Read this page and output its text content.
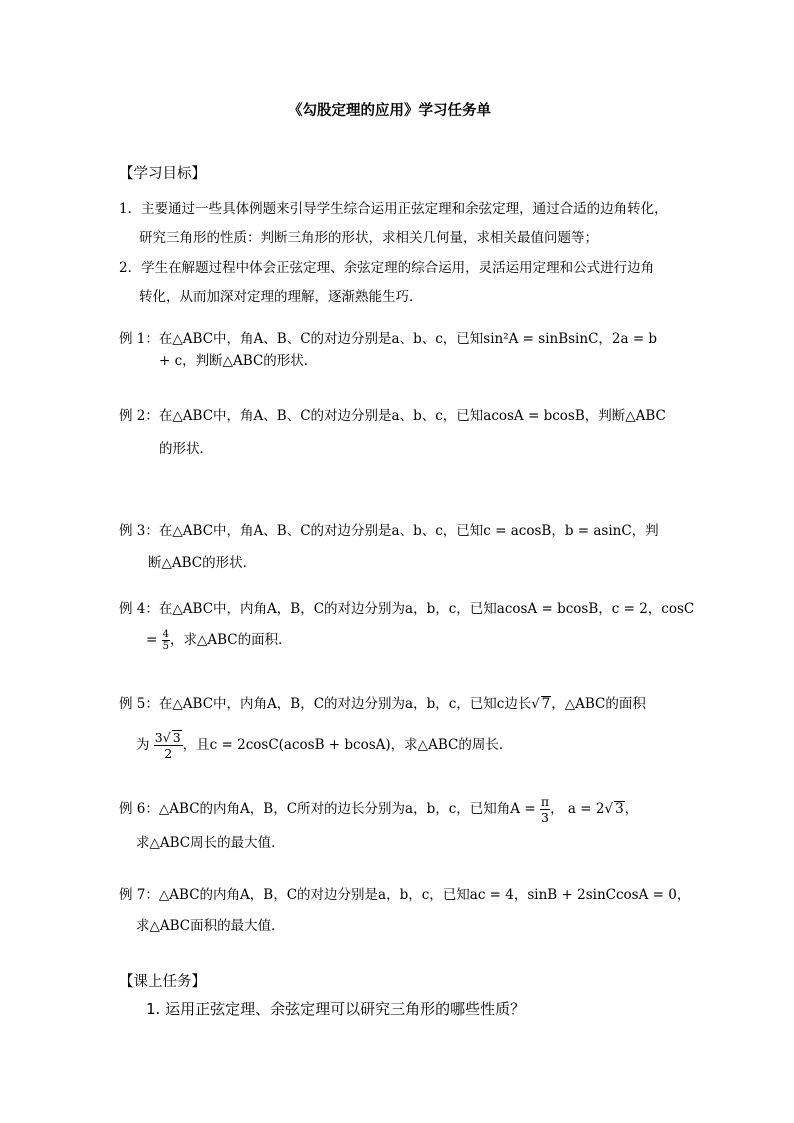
《勾股定理的应用》学习任务单
【学习目标】
1．主要通过一些具体例题来引导学生综合运用正弦定理和余弦定理，通过合适的边角转化，
研究三角形的性质：判断三角形的形状，求相关几何量，求相关最值问题等；
2．学生在解题过程中体会正弦定理、余弦定理的综合运用，灵活运用定理和公式进行边角
转化，从而加深对定理的理解，逐渐熟能生巧．
例 1：在△ABC中，角A、B、C的对边分别是a、b、c，已知sin²A = sinBsinC，2a = b
+ c，判断△ABC的形状．
例 2：在△ABC中，角A、B、C的对边分别是a、b、c，已知acosA = bcosB，判断△ABC
的形状．
例 3：在△ABC中，角A、B、C的对边分别是a、b、c，已知c = acosB，b = asinC，判
断△ABC的形状．
例 4：在△ABC中，内角A，B，C的对边分别为a，b，c，已知acosA = bcosB，c = 2，cosC
= $\frac{4}{5}$ ，求△ABC的面积．
例 5：在△ABC中，内角A，B，C的对边分别为a，b，c，已知c边长√ 7，△ABC的面积
为 $\frac{3√ 3}{2}$ ，且c = 2cosC(acosB + bcosA)，求△ABC的周长．
例 6：△ABC的内角A，B，C所对的边长分别为a，b，c，已知角$A = \frac{\pi}{3}$ ， a = 2√ 3，
求△ABC周长的最大值．
例 7：△ABC的内角A，B，C的对边分别是a，b，c，已知ac = 4，sinB + 2sinCcosA = 0，
求△ABC面积的最大值．
【课上任务】
1. 运用正弦定理、余弦定理可以研究三角形的哪些性质？
